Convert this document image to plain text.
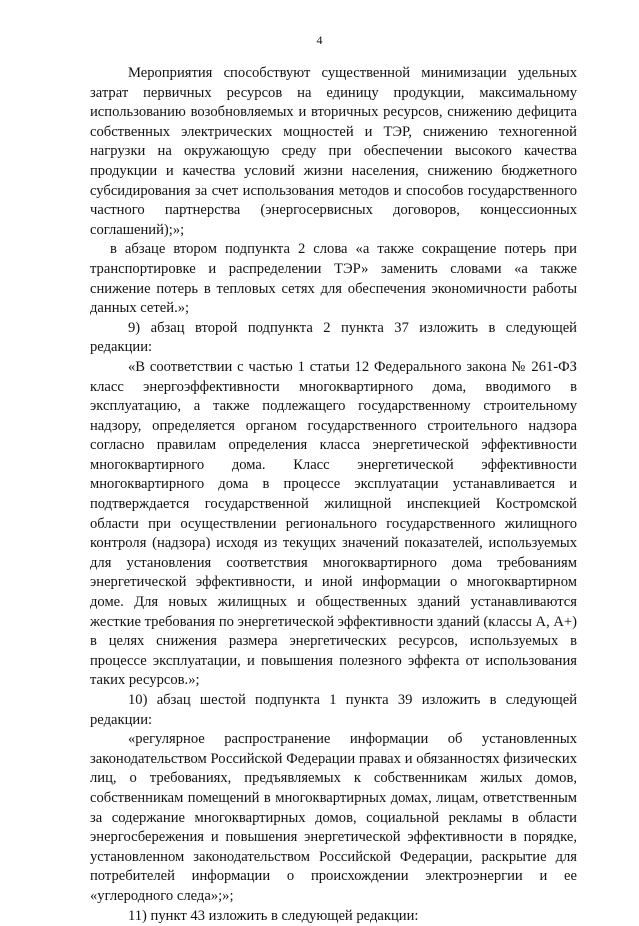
4

Мероприятия способствуют существенной минимизации удельных затрат первичных ресурсов на единицу продукции, максимальному использованию возобновляемых и вторичных ресурсов, снижению дефицита собственных электрических мощностей и ТЭР, снижению техногенной нагрузки на окружающую среду при обеспечении высокого качества продукции и качества условий жизни населения, снижению бюджетного субсидирования за счет использования методов и способов государственного частного партнерства (энергосервисных договоров, концессионных соглашений);»;

в абзаце втором подпункта 2 слова «а также сокращение потерь при транспортировке и распределении ТЭР» заменить словами «а также снижение потерь в тепловых сетях для обеспечения экономичности работы данных сетей.»;

9) абзац второй подпункта 2 пункта 37 изложить в следующей редакции:

«В соответствии с частью 1 статьи 12 Федерального закона № 261-ФЗ класс энергоэффективности многоквартирного дома, вводимого в эксплуатацию, а также подлежащего государственному строительному надзору, определяется органом государственного строительного надзора согласно правилам определения класса энергетической эффективности многоквартирного дома. Класс энергетической эффективности многоквартирного дома в процессе эксплуатации устанавливается и подтверждается государственной жилищной инспекцией Костромской области при осуществлении регионального государственного жилищного контроля (надзора) исходя из текущих значений показателей, используемых для установления соответствия многоквартирного дома требованиям энергетической эффективности, и иной информации о многоквартирном доме. Для новых жилищных и общественных зданий устанавливаются жесткие требования по энергетической эффективности зданий (классы А, А+) в целях снижения размера энергетических ресурсов, используемых в процессе эксплуатации, и повышения полезного эффекта от использования таких ресурсов.»;

10) абзац шестой подпункта 1 пункта 39 изложить в следующей редакции:

«регулярное распространение информации об установленных законодательством Российской Федерации правах и обязанностях физических лиц, о требованиях, предъявляемых к собственникам жилых домов, собственникам помещений в многоквартирных домах, лицам, ответственным за содержание многоквартирных домов, социальной рекламы в области энергосбережения и повышения энергетической эффективности в порядке, установленном законодательством Российской Федерации, раскрытие для потребителей информации о происхождении электроэнергии и ее «углеродного следа»;»;

11) пункт 43 изложить в следующей редакции:
